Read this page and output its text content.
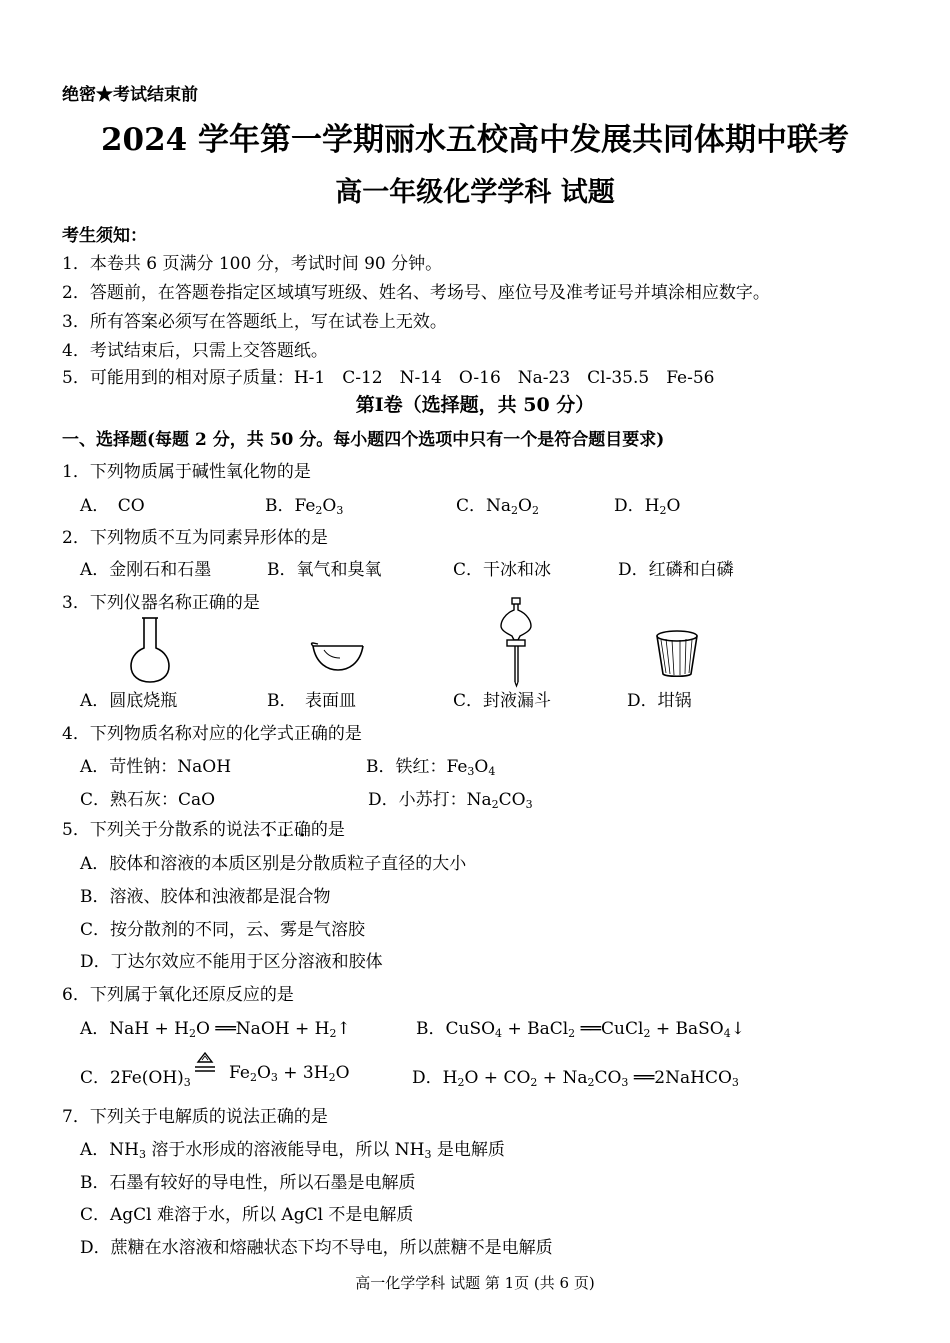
绝密★考试结束前
2024 学年第一学期丽水五校高中发展共同体期中联考
高一年级化学学科 试题
考生须知：
1．本卷共 6 页满分 100 分，考试时间 90 分钟。
2．答题前，在答题卷指定区域填写班级、姓名、考场号、座位号及准考证号并填涂相应数字。
3．所有答案必须写在答题纸上，写在试卷上无效。
4．考试结束后，只需上交答题纸。
5．可能用到的相对原子质量：H-1　C-12　N-14　O-16　Na-23　Cl-35.5　Fe-56
第Ⅰ卷（选择题，共 50 分）
一、选择题(每题 2 分，共 50 分。每小题四个选项中只有一个是符合题目要求)
1．下列物质属于碱性氧化物的是
A．　CO	B．$Fe_2O_3$	C．$Na_2O_2$	D．$H_2O$
2．下列物质不互为同素异形体的是
A．金刚石和石墨	B．氧气和臭氧	C．干冰和冰	D．红磷和白磷
3．下列仪器名称正确的是
A．圆底烧瓶	B．　表面皿	C．封液漏斗	D．坩锅
4．下列物质名称对应的化学式正确的是
A．苛性钠：NaOH	B．铁红：$Fe_3O_4$
C．熟石灰：CaO	D．小苏打：$Na_2CO_3$
5．下列关于分散系的说法不正确的是
A．胶体和溶液的本质区别是分散质粒子直径的大小
B．溶液、胶体和浊液都是混合物
C．按分散剂的不同，云、雾是气溶胶
D．丁达尔效应不能用于区分溶液和胶体
6．下列属于氧化还原反应的是
A．NaH + $H_2O$ ══NaOH + $H_2↑$	B．CuSO$_4$ + BaCl$_2$ ══CuCl$_2$ + BaSO$_4$↓
C．$2Fe(OH)_3$ $Fe_2O_3 + 3H_2O$	D．$H_2O + CO_2 + Na_2CO_3$ ══2NaHCO$_3$
7．下列关于电解质的说法正确的是
A．$NH_3$ 溶于水形成的溶液能导电，所以 $NH_3$ 是电解质
B．石墨有较好的导电性，所以石墨是电解质
C．AgCl 难溶于水，所以 AgCl 不是电解质
D．蔗糖在水溶液和熔融状态下均不导电，所以蔗糖不是电解质
高一化学学科 试题 第 1页 (共 6 页)
